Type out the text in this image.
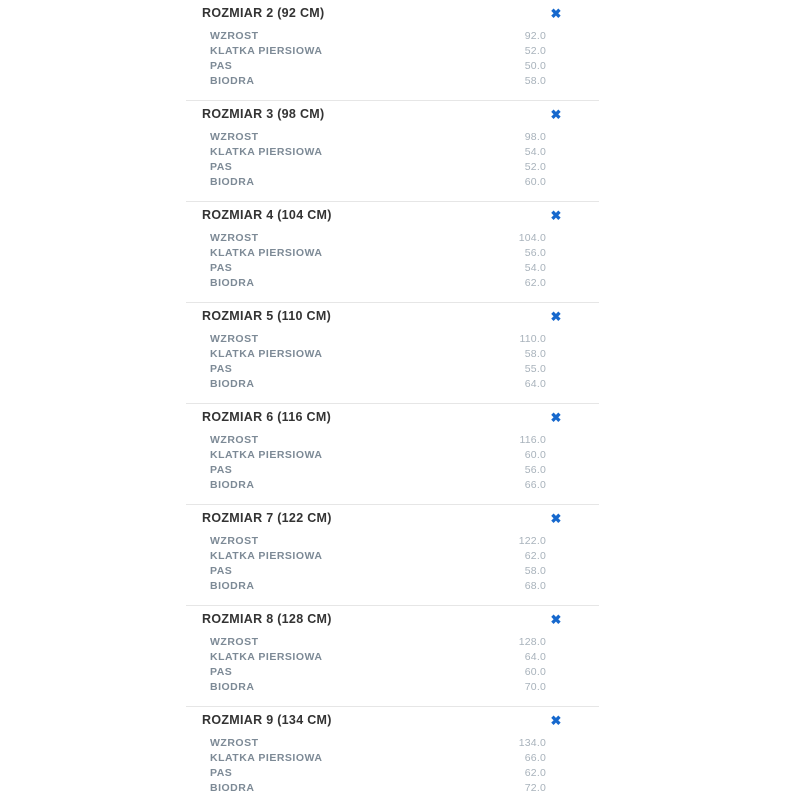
ROZMIAR 2 (92 CM)	✖
WZROST	92.0
KLATKA PIERSIOWA	52.0
PAS	50.0
BIODRA	58.0
ROZMIAR 3 (98 CM)	✖
WZROST	98.0
KLATKA PIERSIOWA	54.0
PAS	52.0
BIODRA	60.0
ROZMIAR 4 (104 CM)	✖
WZROST	104.0
KLATKA PIERSIOWA	56.0
PAS	54.0
BIODRA	62.0
ROZMIAR 5 (110 CM)	✖
WZROST	110.0
KLATKA PIERSIOWA	58.0
PAS	55.0
BIODRA	64.0
ROZMIAR 6 (116 CM)	✖
WZROST	116.0
KLATKA PIERSIOWA	60.0
PAS	56.0
BIODRA	66.0
ROZMIAR 7 (122 CM)	✖
WZROST	122.0
KLATKA PIERSIOWA	62.0
PAS	58.0
BIODRA	68.0
ROZMIAR 8 (128 CM)	✖
WZROST	128.0
KLATKA PIERSIOWA	64.0
PAS	60.0
BIODRA	70.0
ROZMIAR 9 (134 CM)	✖
WZROST	134.0
KLATKA PIERSIOWA	66.0
PAS	62.0
BIODRA	72.0
